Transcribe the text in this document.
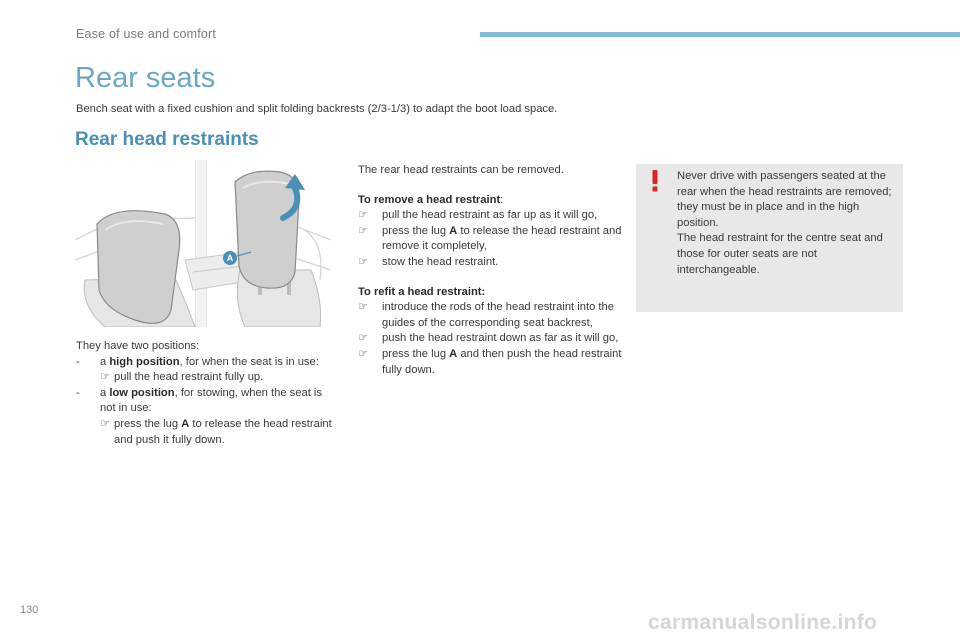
Ease of use and comfort
Rear seats
Bench seat with a fixed cushion and split folding backrests (2/3-1/3) to adapt the boot load space.
Rear head restraints
A

They have two positions:

-	a high position, for when the seat is in use:
☞ pull the head restraint fully up.
-	a low position, for stowing, when the seat is not in use:
☞ press the lug A to release the head restraint and push it fully down.

The rear head restraints can be removed.

To remove a head restraint:

☞	pull the head restraint as far up as it will go,
☞	press the lug A to release the head restraint and remove it completely,
☞	stow the head restraint.

To refit a head restraint:

☞	introduce the rods of the head restraint into the guides of the corresponding seat backrest,
☞	push the head restraint down as far as it will go,
☞	press the lug A and then push the head restraint fully down.

Never drive with passengers seated at the rear when the head restraints are removed; they must be in place and in the high position.

The head restraint for the centre seat and those for outer seats are not interchangeable.

130
carmanualsonline.info
